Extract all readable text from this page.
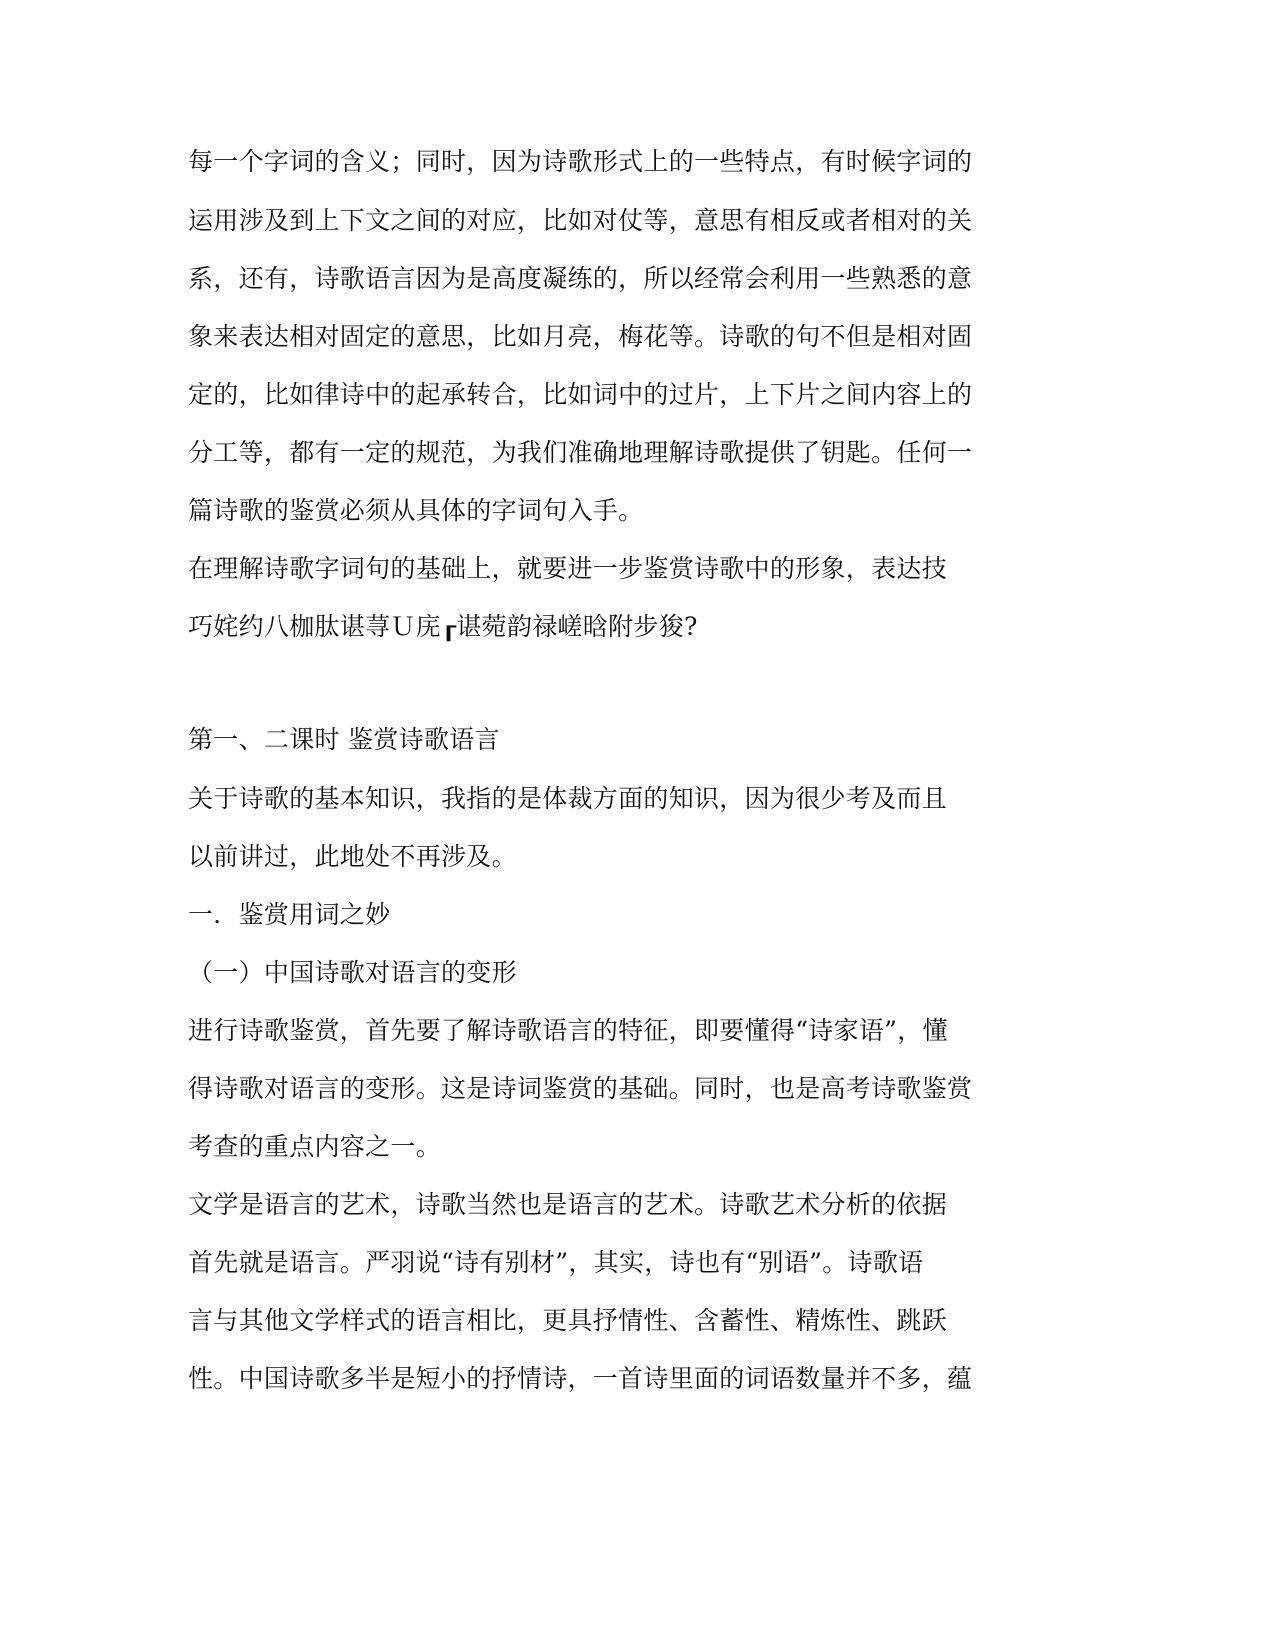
每一个字词的含义；同时，因为诗歌形式上的一些特点，有时候字词的
运用涉及到上下文之间的对应，比如对仗等，意思有相反或者相对的关
系，还有，诗歌语言因为是高度凝练的，所以经常会利用一些熟悉的意
象来表达相对固定的意思，比如月亮，梅花等。诗歌的句不但是相对固
定的，比如律诗中的起承转合，比如词中的过片，上下片之间内容上的
分工等，都有一定的规范，为我们准确地理解诗歌提供了钥匙。任何一
篇诗歌的鉴赏必须从具体的字词句入手。
在理解诗歌字词句的基础上，就要进一步鉴赏诗歌中的形象，表达技
巧姹约八枷肽谌荨Ｕ庑┎谌菀韵禄嵯晗附步狻?
第一、二课时 鉴赏诗歌语言
关于诗歌的基本知识，我指的是体裁方面的知识，因为很少考及而且
以前讲过，此地处不再涉及。
一．鉴赏用词之妙
（一）中国诗歌对语言的变形
进行诗歌鉴赏，首先要了解诗歌语言的特征，即要懂得“诗家语”，懂
得诗歌对语言的变形。这是诗词鉴赏的基础。同时，也是高考诗歌鉴赏
考查的重点内容之一。
文学是语言的艺术，诗歌当然也是语言的艺术。诗歌艺术分析的依据
首先就是语言。严羽说“诗有别材”，其实，诗也有“别语”。诗歌语
言与其他文学样式的语言相比，更具抒情性、含蓄性、精炼性、跳跃
性。中国诗歌多半是短小的抒情诗，一首诗里面的词语数量并不多，蕴
